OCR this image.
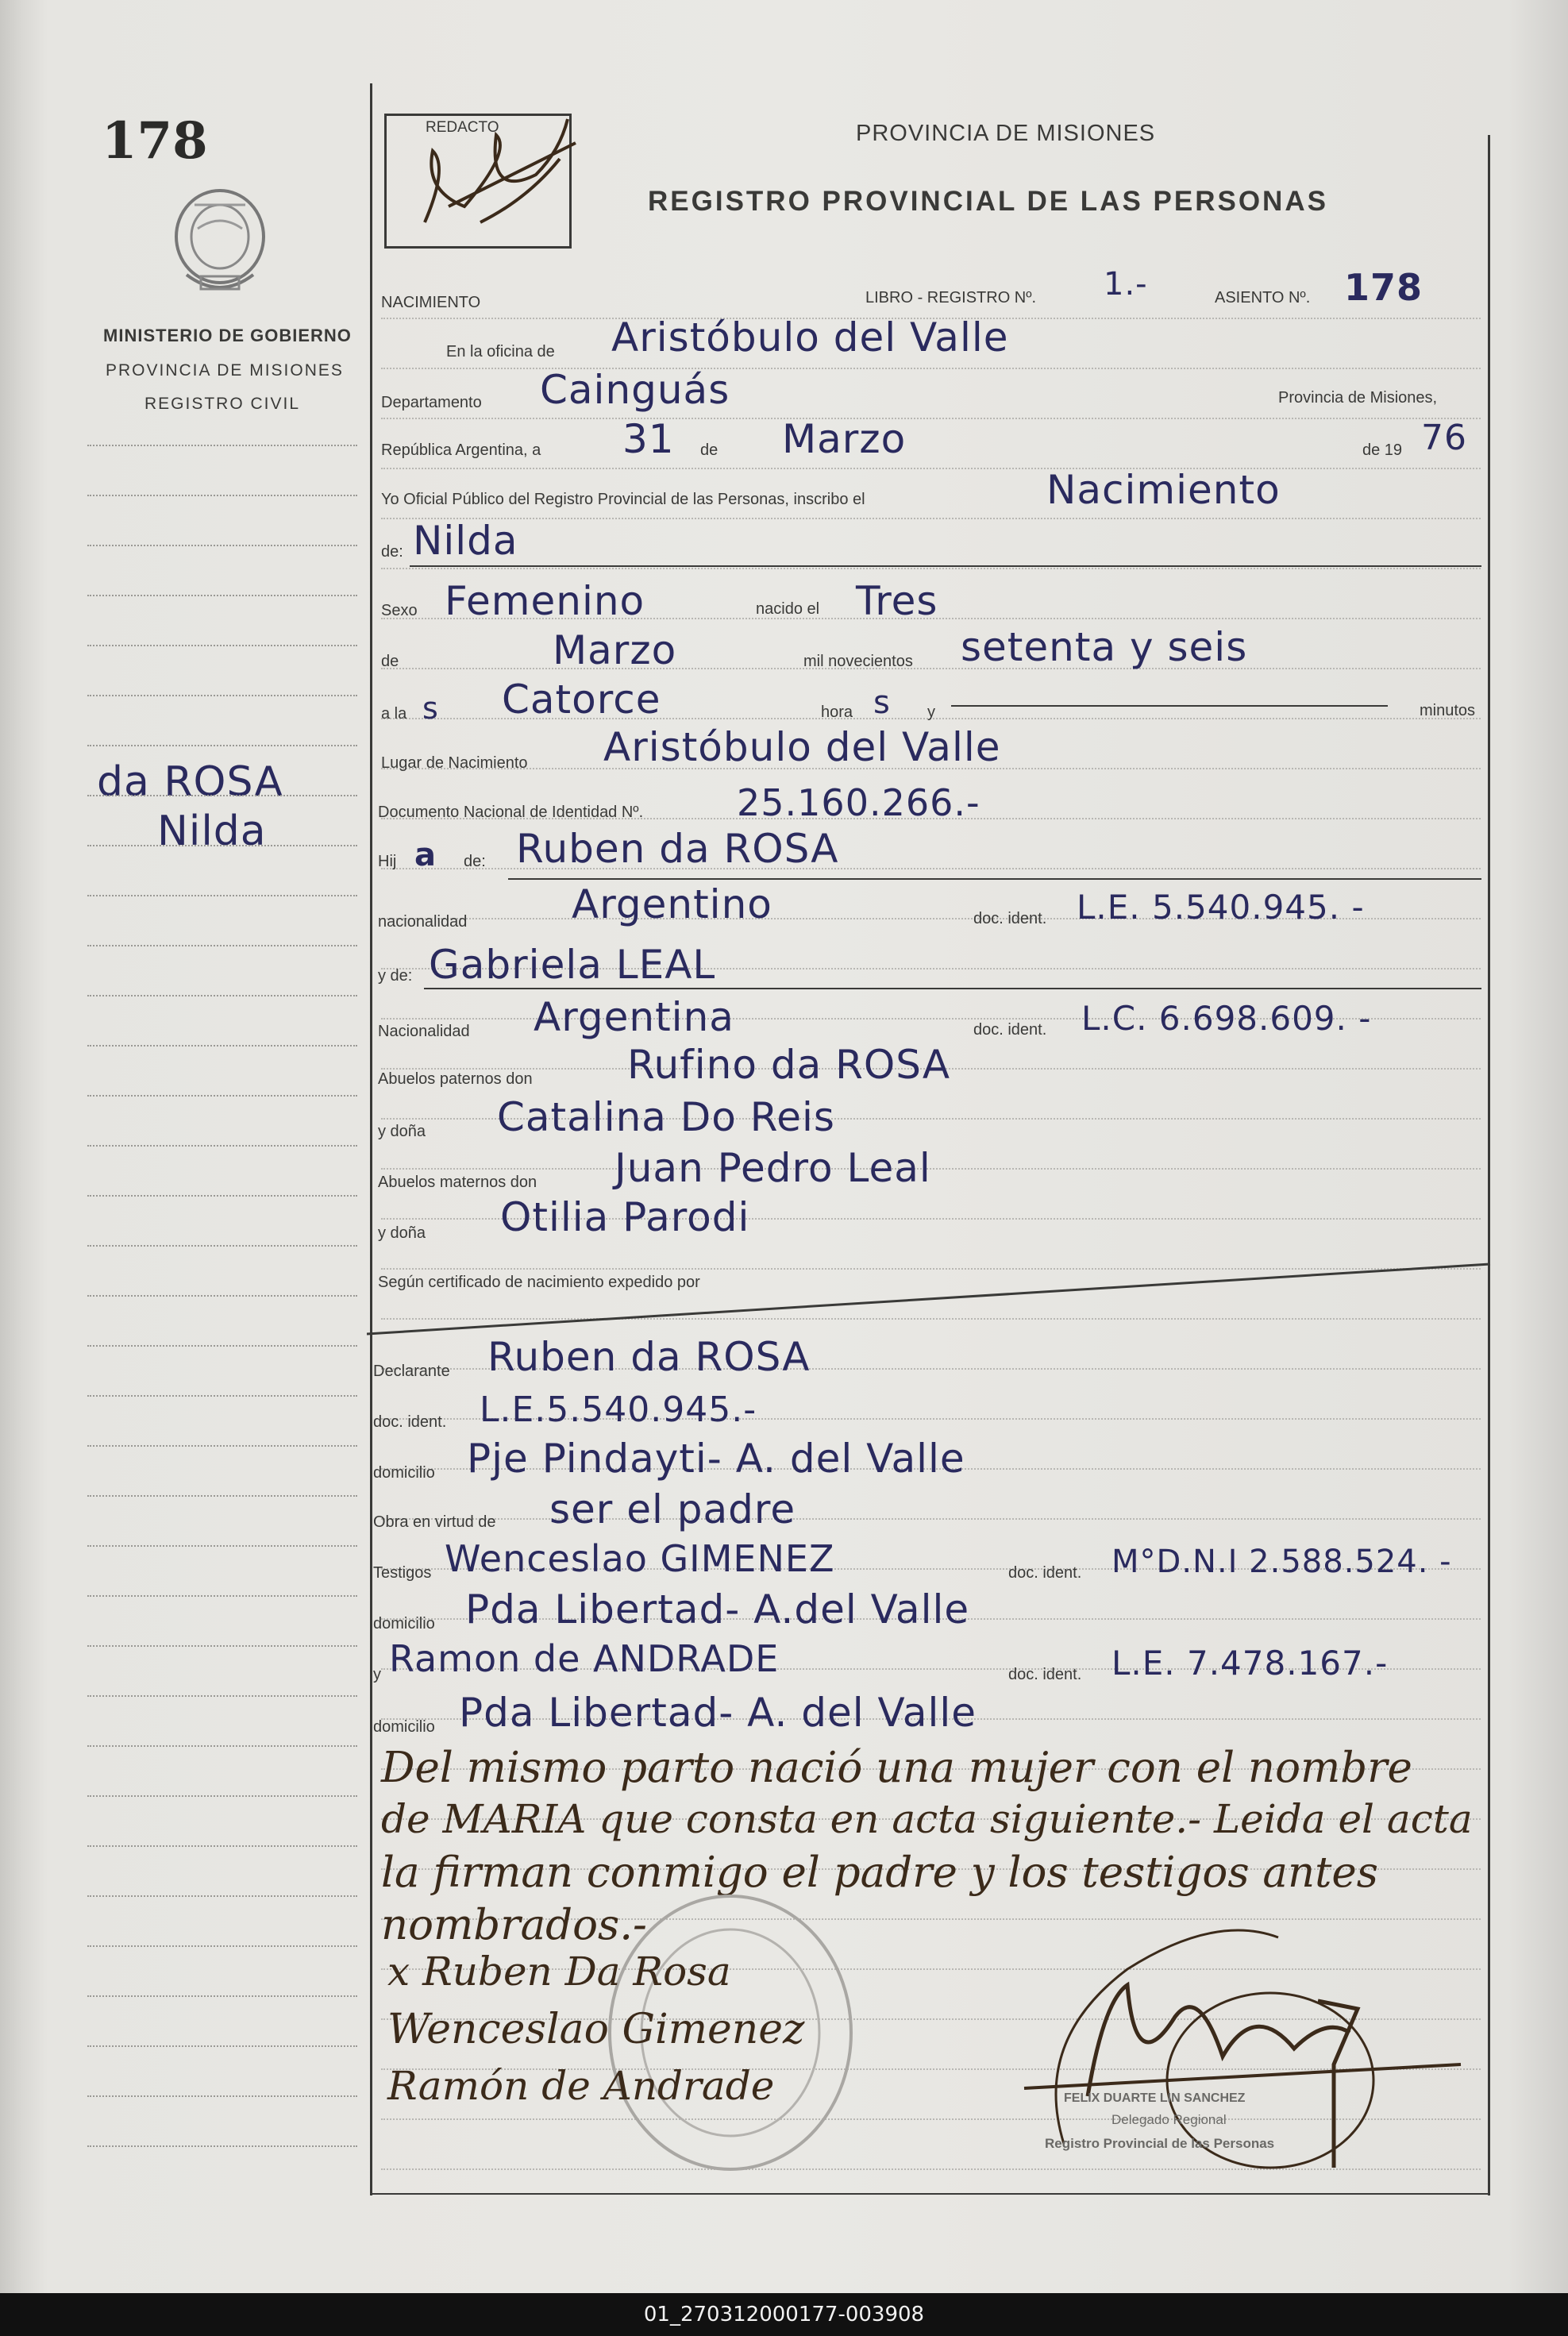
178
MINISTERIO DE GOBIERNO
PROVINCIA DE MISIONES
REGISTRO CIVIL
da ROSA
Nilda
REDACTO	PROVINCIA DE MISIONES
REGISTRO PROVINCIAL DE LAS PERSONAS
NACIMIENTO	LIBRO - REGISTRO Nº. 1.-	ASIENTO Nº. 178
En la oficina de Aristóbulo del Valle
Departamento Cainguás	Provincia de Misiones,
República Argentina, a 31 de Marzo	de 19 76
Yo Oficial Público del Registro Provincial de las Personas, inscribo el	Nacimiento
de: Nilda
Sexo Femenino	nacido el Tres
de	Marzo	mil novecientos setenta y seis
a la s Catorce	hora s y	minutos
Lugar de Nacimiento Aristóbulo del Valle
Documento Nacional de Identidad Nº.	25.160.266.-
Hij a de: Ruben da ROSA
nacionalidad	Argentino	doc. ident. L.E. 5.540.945. -
y de: Gabriela LEAL
Nacionalidad Argentina	doc. ident. L.C. 6.698.609. -
Abuelos paternos don Rufino da ROSA
y doña Catalina Do Reis
Abuelos maternos don Juan Pedro Leal
y doña Otilia Parodi
Según certificado de nacimiento expedido por
Declarante Ruben da ROSA
doc. ident. L.E.5.540.945.-
domicilio Pje Pindayti- A. del Valle
Obra en virtud de ser el padre
Testigos Wenceslao GIMENEZ	doc. ident. M°D.N.I 2.588.524. -
domicilio Pda Libertad- A.del Valle
y Ramon de ANDRADE	doc. ident. L.E. 7.478.167.-
domicilio Pda Libertad- A. del Valle
Del mismo parto nació una mujer con el nombre
de MARIA que consta en acta siguiente.- Leida el acta
la firman conmigo el padre y los testigos antes
nombrados.-
x Ruben Da Rosa
Wenceslao Gimenez
Ramón de Andrade	FELIX DUARTE LIN SANCHEZ
Delegado Regional
Registro Provincial de las Personas
01_270312000177-003908
